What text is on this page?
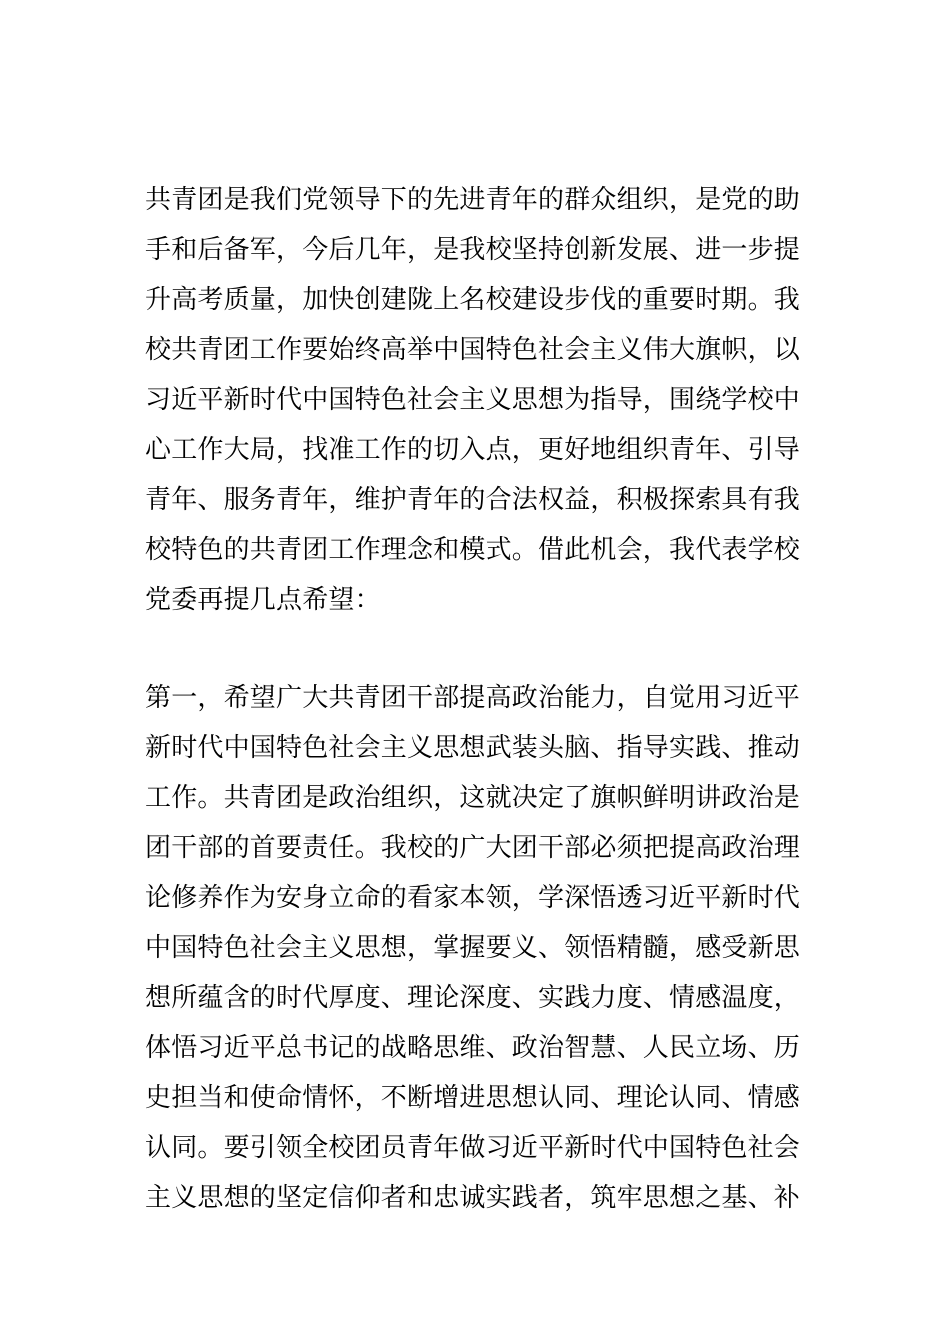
共青团是我们党领导下的先进青年的群众组织，是党的助
手和后备军，今后几年，是我校坚持创新发展、进一步提
升高考质量，加快创建陇上名校建设步伐的重要时期。我
校共青团工作要始终高举中国特色社会主义伟大旗帜，以
习近平新时代中国特色社会主义思想为指导，围绕学校中
心工作大局，找准工作的切入点，更好地组织青年、引导
青年、服务青年，维护青年的合法权益，积极探索具有我
校特色的共青团工作理念和模式。借此机会，我代表学校
党委再提几点希望：
第一，希望广大共青团干部提高政治能力，自觉用习近平
新时代中国特色社会主义思想武装头脑、指导实践、推动
工作。共青团是政治组织，这就决定了旗帜鲜明讲政治是
团干部的首要责任。我校的广大团干部必须把提高政治理
论修养作为安身立命的看家本领，学深悟透习近平新时代
中国特色社会主义思想，掌握要义、领悟精髓，感受新思
想所蕴含的时代厚度、理论深度、实践力度、情感温度，
体悟习近平总书记的战略思维、政治智慧、人民立场、历
史担当和使命情怀，不断增进思想认同、理论认同、情感
认同。要引领全校团员青年做习近平新时代中国特色社会
主义思想的坚定信仰者和忠诚实践者，筑牢思想之基、补
